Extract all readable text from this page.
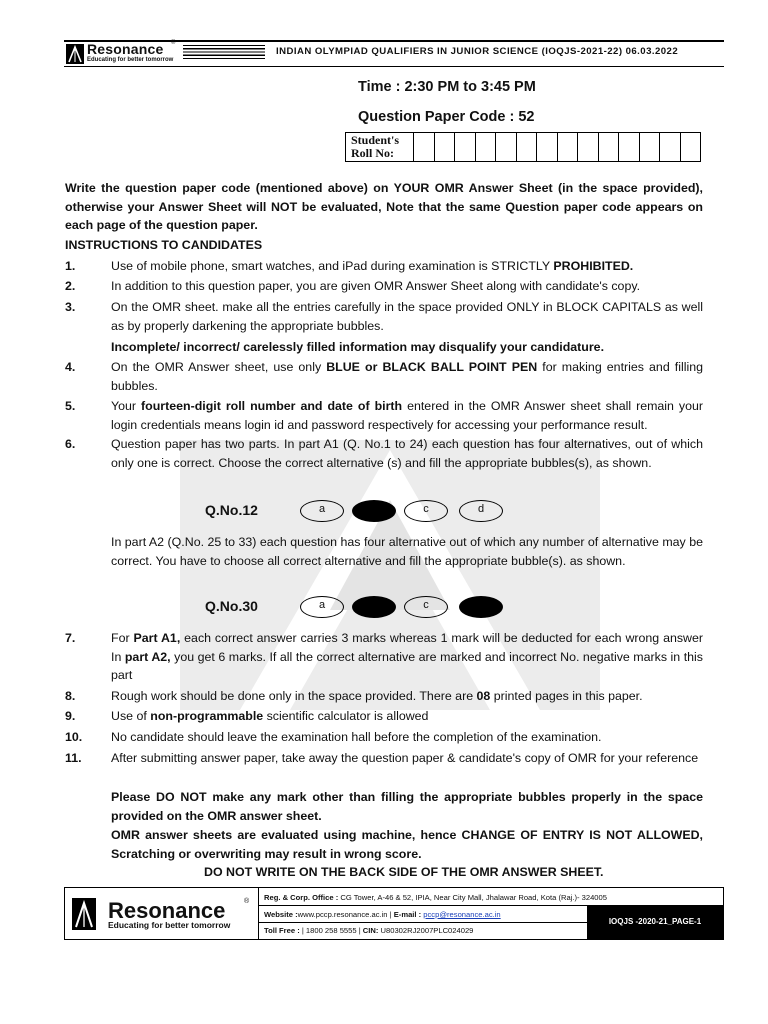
Resonance ®
Educating for better tomorrow
INDIAN OLYMPIAD QUALIFIERS IN JUNIOR SCIENCE (IOQJS-2021-22) 06.03.2022
Time : 2:30 PM to 3:45 PM
Question Paper Code : 52
Student's
Roll No:														
Write the question paper code (mentioned above) on YOUR OMR Answer Sheet (in the space provided), otherwise your Answer Sheet will NOT be evaluated, Note that the same Question paper code appears on each page of the question paper.
INSTRUCTIONS TO CANDIDATES
1.	Use of mobile phone, smart watches, and iPad during examination is STRICTLY PROHIBITED.
2.	In addition to this question paper, you are given OMR Answer Sheet along with candidate's copy.
3.	On the OMR sheet. make all the entries carefully in the space provided ONLY in BLOCK CAPITALS as well as by properly darkening the appropriate bubbles.
Incomplete/ incorrect/ carelessly filled information may disqualify your candidature.
4.	On the OMR Answer sheet, use only BLUE or BLACK BALL POINT PEN for making entries and filling bubbles.
5.	Your fourteen-digit roll number and date of birth entered in the OMR Answer sheet shall remain your login credentials means login id and password respectively for accessing your performance result.
6.	Question paper has two parts. In part A1 (Q. No.1 to 24) each question has four alternatives, out of which only one is correct. Choose the correct alternative (s) and fill the appropriate bubbles(s), as shown.
Q.No.12	a	c	d
In part A2 (Q.No. 25 to 33) each question has four alternative out of which any number of alternative may be correct. You have to choose all correct alternative and fill the appropriate bubble(s). as shown.
Q.No.30	a	c
7.	For Part A1, each correct answer carries 3 marks whereas 1 mark will be deducted for each wrong answer In part A2, you get 6 marks. If all the correct alternative are marked and incorrect No. negative marks in this part
8.	Rough work should be done only in the space provided. There are 08 printed pages in this paper.
9.	Use of non-programmable scientific calculator is allowed
10. No candidate should leave the examination hall before the completion of the examination.
11. After submitting answer paper, take away the question paper & candidate's copy of OMR for your reference
Please DO NOT make any mark other than filling the appropriate bubbles properly in the space provided on the OMR answer sheet.
OMR answer sheets are evaluated using machine, hence CHANGE OF ENTRY IS NOT ALLOWED, Scratching or overwriting may result in wrong score.
DO NOT WRITE ON THE BACK SIDE OF THE OMR ANSWER SHEET.
Resonance	®
Educating for better tomorrow
Reg. & Corp. Office : CG Tower, A-46 & 52, IPIA, Near City Mall, Jhalawar Road, Kota (Raj.)- 324005
Website :www.pccp.resonance.ac.in | E-mail : pccp@resonance.ac.in
Toll Free : | 1800 258 5555 | CIN: U80302RJ2007PLC024029
IOQJS -2020-21_PAGE-1
